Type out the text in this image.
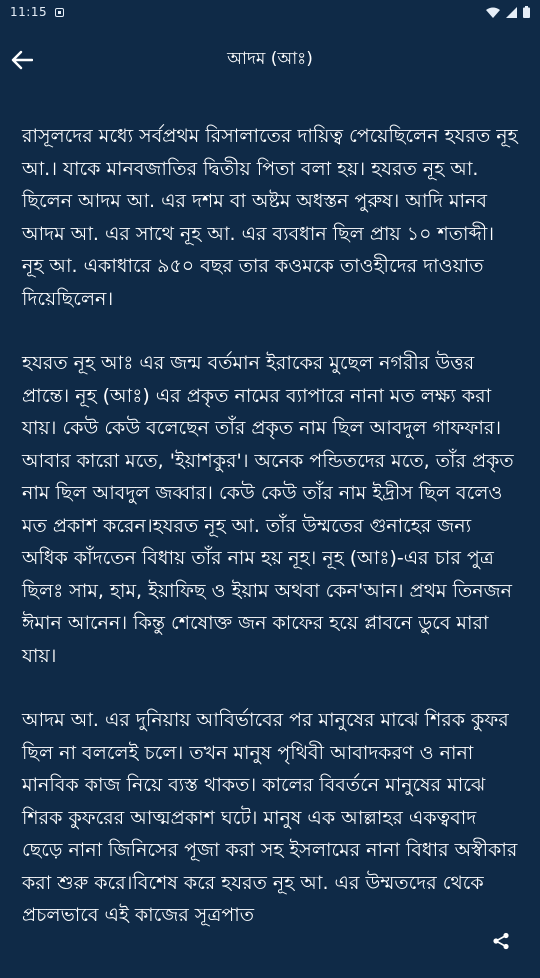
11:15
আদম (আঃ)

রাসূলদের মধ্যে সর্বপ্রথম রিসালাতের দায়িত্ব পেয়েছিলেন হযরত নূহ আ.। যাকে মানবজাতির দ্বিতীয় পিতা বলা হয়। হযরত নূহ আ. ছিলেন আদম আ. এর দশম বা অষ্টম অধস্তন পুরুষ। আদি মানব আদম আ. এর সাথে নূহ আ. এর ব্যবধান ছিল প্রায় ১০ শতাব্দী। নূহ আ. একাধারে ৯৫০ বছর তার কওমকে তাওহীদের দাওয়াত দিয়েছিলেন।

হযরত নূহ আঃ এর জন্ম বর্তমান ইরাকের মুছেল নগরীর উত্তর প্রান্তে। নূহ (আঃ) এর প্রকৃত নামের ব্যাপারে নানা মত লক্ষ্য করা যায়। কেউ কেউ বলেছেন তাঁর প্রকৃত নাম ছিল আবদুল গাফফার। আবার কারো মতে, 'ইয়াশকুর'। অনেক পন্ডিতদের মতে, তাঁর প্রকৃত নাম ছিল আবদুল জব্বার। কেউ কেউ তাঁর নাম ইদ্রীস ছিল বলেও মত প্রকাশ করেন।হযরত নূহ আ. তাঁর উম্মতের গুনাহের জন্য অধিক কাঁদতেন বিধায় তাঁর নাম হয় নূহ। নূহ (আঃ)-এর চার পুত্র ছিলঃ সাম, হাম, ইয়াফিছ ও ইয়াম অথবা কেন'আন। প্রথম তিনজন ঈমান আনেন। কিন্তু শেষোক্ত জন কাফের হয়ে প্লাবনে ডুবে মারা যায়।

আদম আ. এর দুনিয়ায় আবির্ভাবের পর মানুষের মাঝে শিরক কুফর ছিল না বললেই চলে। তখন মানুষ পৃথিবী আবাদকরণ ও নানা মানবিক কাজ নিয়ে ব্যস্ত থাকত। কালের বিবর্তনে মানুষের মাঝে শিরক কুফরের আত্মপ্রকাশ ঘটে। মানুষ এক আল্লাহর একত্ববাদ ছেড়ে নানা জিনিসের পূজা করা সহ ইসলামের নানা বিধার অস্বীকার করা শুরু করে।বিশেষ করে হযরত নূহ আ. এর উম্মতদের থেকে প্রচলভাবে এই কাজের সূত্রপাত
